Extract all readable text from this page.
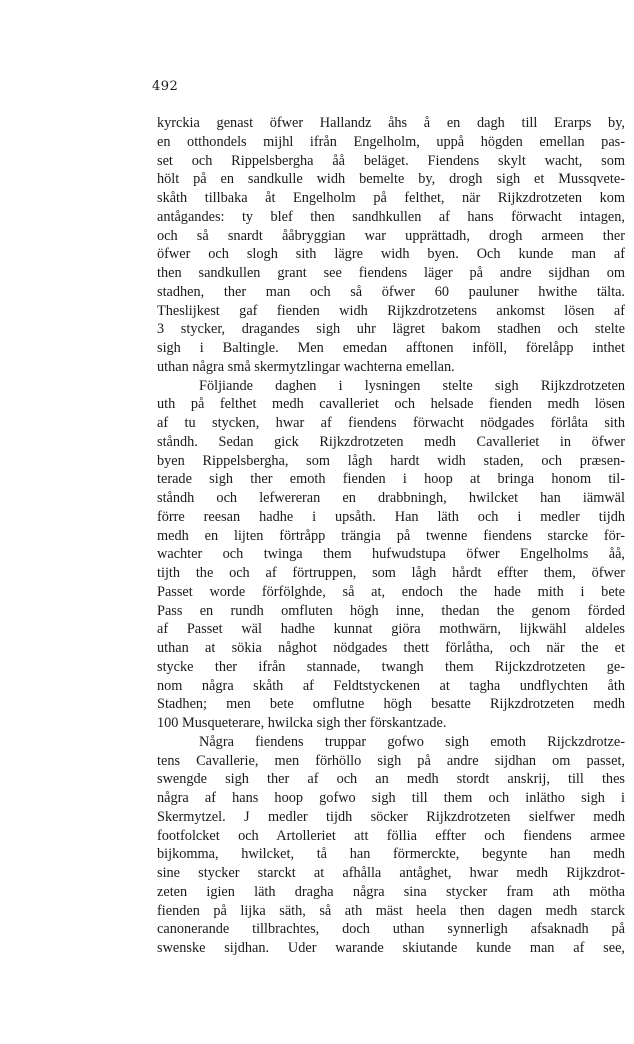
492
kyrckia genast öfwer Hallandz åhs å en dagh till Erarps by,
en otthondels mijhl ifrån Engelholm, uppå högden emellan pas-
set och Rippelsbergha åå beläget. Fiendens skylt wacht, som
hölt på en sandkulle widh bemelte by, drogh sigh et Mussqvete-
skåth tillbaka åt Engelholm på felthet, när Rijkzdrotzeten kom
antågandes: ty blef then sandhkullen af hans förwacht intagen,
och så snardt ååbryggian war upprättadh, drogh armeen ther
öfwer och slogh sith lägre widh byen. Och kunde man af
then sandkullen grant see fiendens läger på andre sijdhan om
stadhen, ther man och så öfwer 60 pauluner hwithe tälta.
Theslijkest gaf fienden widh Rijkzdrotzetens ankomst lösen af
3 stycker, dragandes sigh uhr lägret bakom stadhen och stelte
sigh i Baltingle. Men emedan afftonen inföll, förelåpp inthet
uthan några små skermytzlingar wachterna emellan.
Följiande daghen i lysningen stelte sigh Rijkzdrotzeten
uth på felthet medh cavalleriet och helsade fienden medh lösen
af tu stycken, hwar af fiendens förwacht nödgades förlåta sith
ståndh. Sedan gick Rijkzdrotzeten medh Cavalleriet in öfwer
byen Rippelsbergha, som lågh hardt widh staden, och præsen-
terade sigh ther emoth fienden i hoop at bringa honom til-
ståndh och lefwereran en drabbningh, hwilcket han iämwäl
förre reesan hadhe i upsåth. Han läth och i medler tijdh
medh en lijten förtråpp trängia på twenne fiendens starcke för-
wachter och twinga them hufwudstupa öfwer Engelholms åå,
tijth the och af förtruppen, som lågh hårdt effter them, öfwer
Passet worde förfölghde, så at, endoch the hade mith i bete
Pass en rundh omfluten högh inne, thedan the genom förded
af Passet wäl hadhe kunnat giöra mothwärn, lijkwähl aldeles
uthan at sökia någhot nödgades thett förlåtha, och när the et
stycke ther ifrån stannade, twangh them Rijckzdrotzeten ge-
nom några skåth af Feldtstyckenen at tagha undflychten åth
Stadhen; men bete omflutne högh besatte Rijkzdrotzeten medh
100 Musqueterare, hwilcka sigh ther förskantzade.
Några fiendens truppar gofwo sigh emoth Rijckzdrotze-
tens Cavallerie, men förhöllo sigh på andre sijdhan om passet,
swengde sigh ther af och an medh stordt anskrij, till thes
några af hans hoop gofwo sigh till them och inlätho sigh i
Skermytzel. J medler tijdh söcker Rijkzdrotzeten sielfwer medh
footfolcket och Artolleriet att föllia effter och fiendens armee
bijkomma, hwilcket, tå han förmerckte, begynte han medh
sine stycker starckt at afhålla antåghet, hwar medh Rijkzdrot-
zeten igien läth dragha några sina stycker fram ath mötha
fienden på lijka säth, så ath mäst heela then dagen medh starck
canonerande tillbrachtes, doch uthan synnerligh afsaknadh på
swenske sijdhan. Uder warande skiutande kunde man af see,
